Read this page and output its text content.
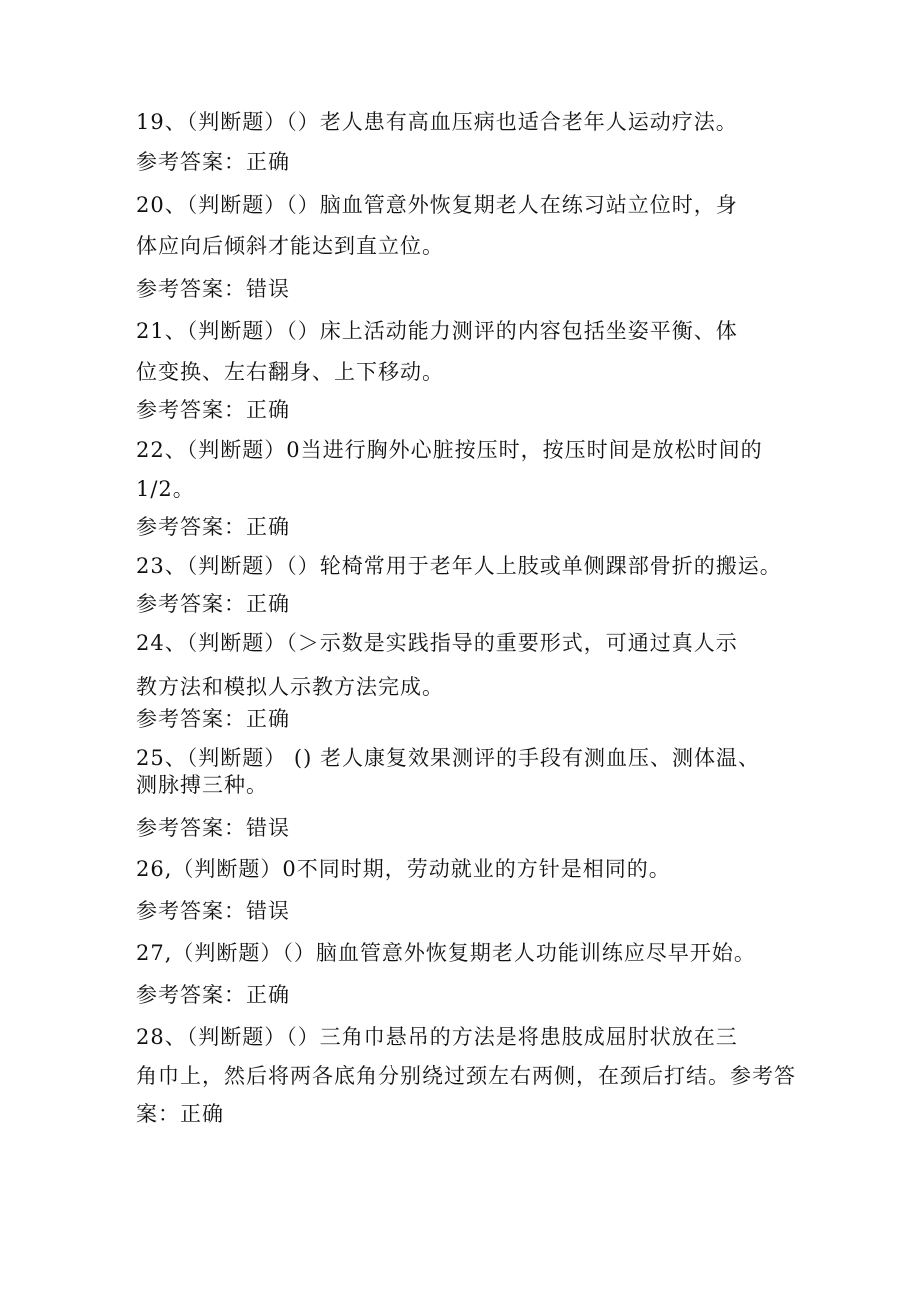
19、（判断题）（）老人患有高血压病也适合老年人运动疗法。
参考答案：正确
20、（判断题）（）脑血管意外恢复期老人在练习站立位时，身
体应向后倾斜才能达到直立位。
参考答案：错误
21、（判断题）（）床上活动能力测评的内容包括坐姿平衡、体
位变换、左右翻身、上下移动。
参考答案：正确
22、（判断题）0当进行胸外心脏按压时，按压时间是放松时间的
1/2。
参考答案：正确
23、（判断题）（）轮椅常用于老年人上肢或单侧踝部骨折的搬运。
参考答案：正确
24、（判断题）（＞示数是实践指导的重要形式，可通过真人示
教方法和模拟人示教方法完成。
参考答案：正确
25、（判断题） () 老人康复效果测评的手段有测血压、测体温、
测脉搏三种。
参考答案：错误
26,（判断题）0不同时期，劳动就业的方针是相同的。
参考答案：错误
27,（判断题）（）脑血管意外恢复期老人功能训练应尽早开始。
参考答案：正确
28、（判断题）（）三角巾悬吊的方法是将患肢成屈肘状放在三
角巾上，然后将两各底角分别绕过颈左右两侧，在颈后打结。参考答
案：正确
